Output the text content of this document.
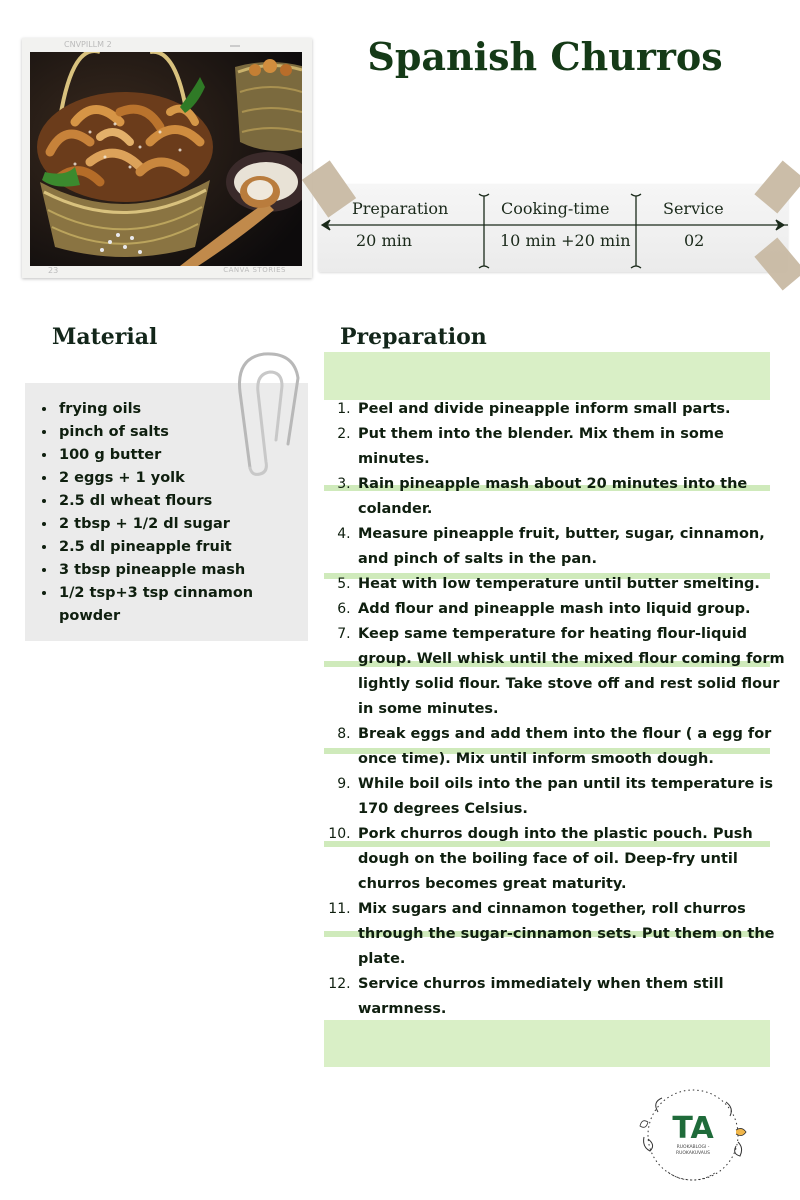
CNVPILLM 2
23	CANVA STORIES
Spanish Churros
Preparation
20 min
Cooking-time
10 min +20 min
Service
02
Material
• frying oils
• pinch of salts
• 100 g butter
• 2 eggs + 1 yolk
• 2.5 dl wheat flours
• 2 tbsp + 1/2 dl sugar
• 2.5 dl pineapple fruit
• 3 tbsp pineapple mash
• 1/2 tsp+3 tsp cinnamon powder
Preparation
1. Peel and divide pineapple inform small parts.
2. Put them into the blender. Mix them in some minutes.
3. Rain pineapple mash about 20 minutes into the colander.
4. Measure pineapple fruit, butter, sugar, cinnamon, and pinch of salts in the pan.
5. Heat with low temperature until butter smelting.
6. Add flour and pineapple mash into liquid group.
7. Keep same temperature for heating flour-liquid group. Well whisk until the mixed flour coming form lightly solid flour. Take stove off and rest solid flour in some minutes.
8. Break eggs and add them into the flour ( a egg for once time). Mix until inform smooth dough.
9. While boil oils into the pan until its temperature is 170 degrees Celsius.
10. Pork churros dough into the plastic pouch. Push dough on the boiling face of oil. Deep-fry until churros becomes great maturity.
11. Mix sugars and cinnamon together, roll churros through the sugar-cinnamon sets. Put them on the plate.
12. Service churros immediately when them still warmness.
TA
RUOKABLOGI -
RUOKAKUVAUS
